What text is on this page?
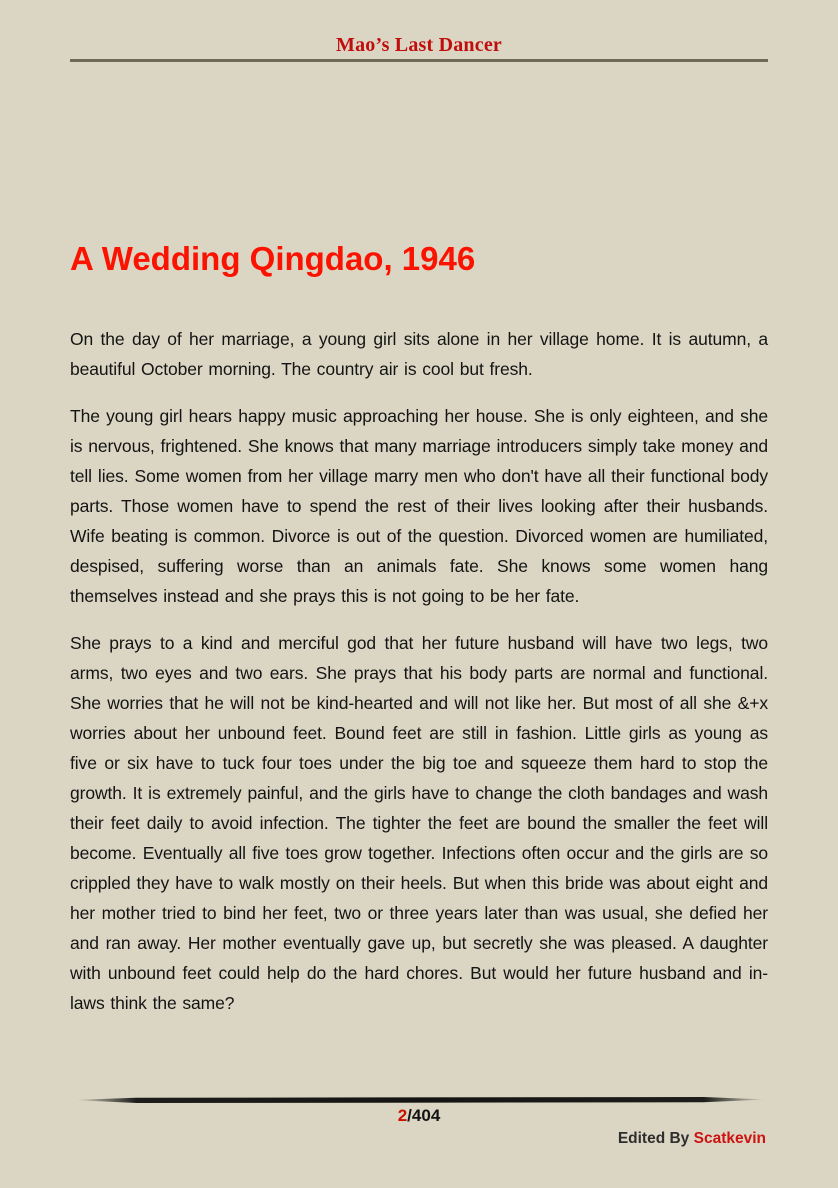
Mao’s Last Dancer
A Wedding Qingdao, 1946

On the day of her marriage, a young girl sits alone in her village home. It is autumn, a beautiful October morning. The country air is cool but fresh.

The young girl hears happy music approaching her house. She is only eighteen, and she is nervous, frightened. She knows that many marriage introducers simply take money and tell lies. Some women from her village marry men who don't have all their functional body parts. Those women have to spend the rest of their lives looking after their husbands. Wife beating is common. Divorce is out of the question. Divorced women are humiliated, despised, suffering worse than an animals fate. She knows some women hang themselves instead and she prays this is not going to be her fate.

She prays to a kind and merciful god that her future husband will have two legs, two arms, two eyes and two ears. She prays that his body parts are normal and functional. She worries that he will not be kind-hearted and will not like her. But most of all she &+x worries about her unbound feet. Bound feet are still in fashion. Little girls as young as five or six have to tuck four toes under the big toe and squeeze them hard to stop the growth. It is extremely painful, and the girls have to change the cloth bandages and wash their feet daily to avoid infection. The tighter the feet are bound the smaller the feet will become. Eventually all five toes grow together. Infections often occur and the girls are so crippled they have to walk mostly on their heels. But when this bride was about eight and her mother tried to bind her feet, two or three years later than was usual, she defied her and ran away. Her mother eventually gave up, but secretly she was pleased. A daughter with unbound feet could help do the hard chores. But would her future husband and in-laws think the same?

2/404
Edited By Scatkevin
